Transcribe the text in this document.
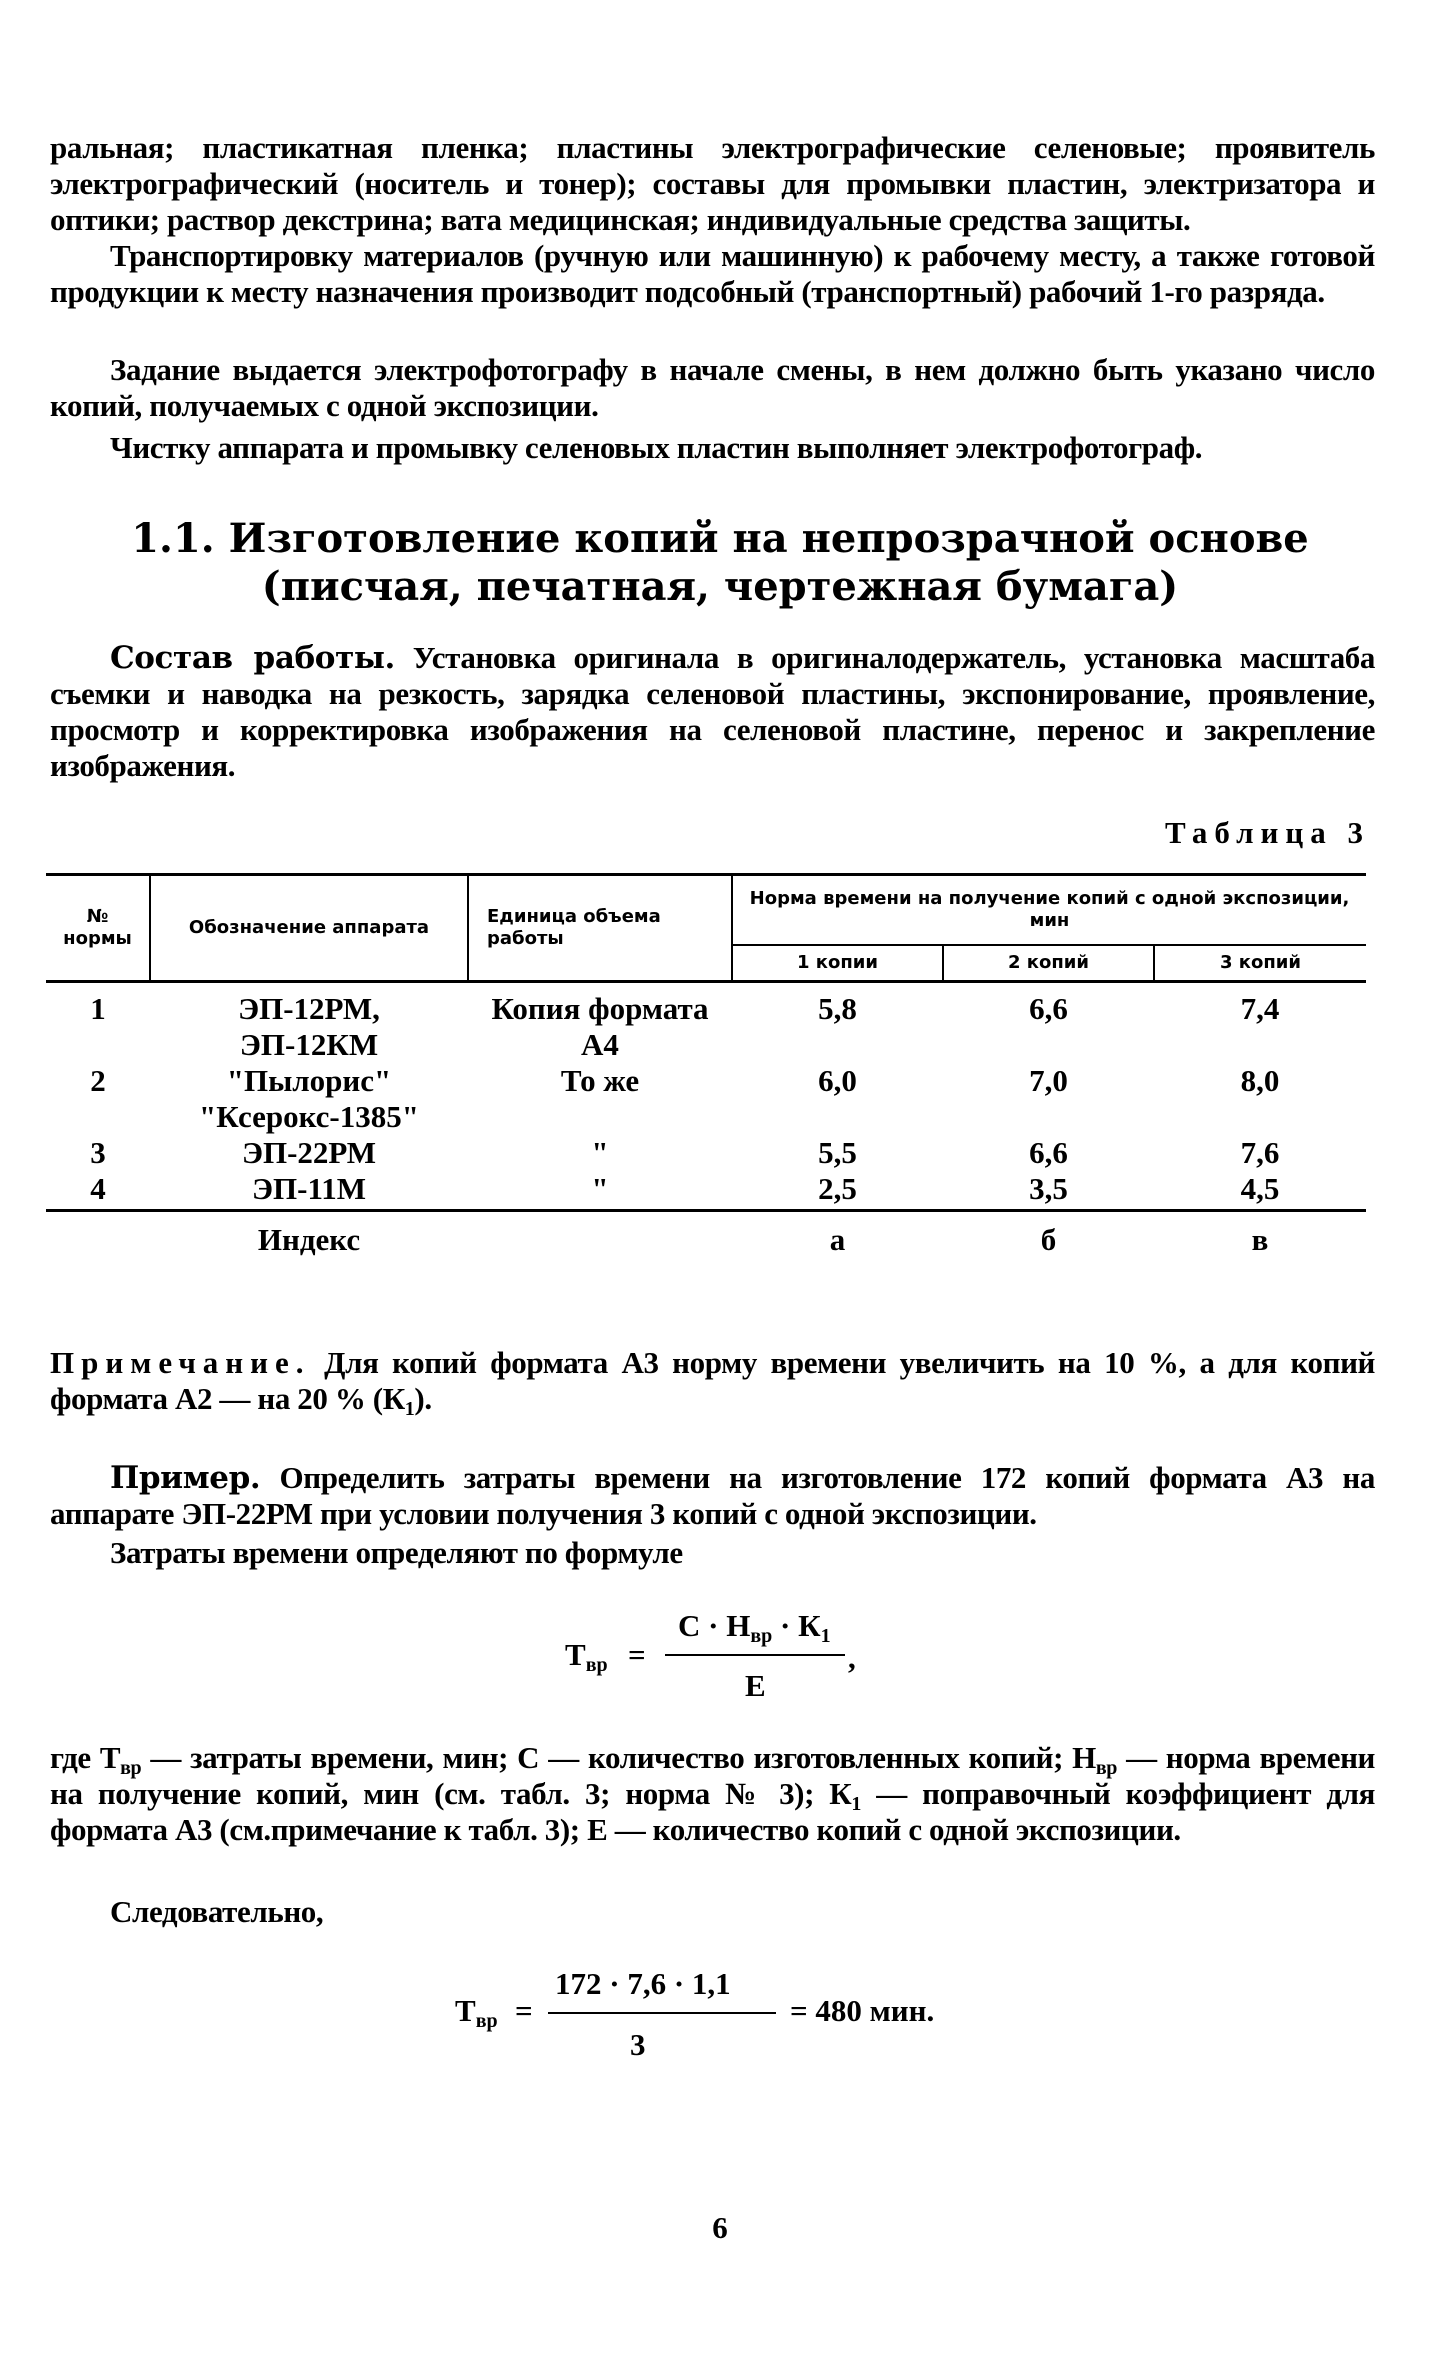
ральная; пластикатная пленка; пластины электрографические селеновые; проявитель электрографический (носитель и тонер); составы для промывки пластин, электризатора и оптики; раствор декстрина; вата медицинская; индивидуальные средства защиты.
Транспортировку материалов (ручную или машинную) к рабочему месту, а также готовой продукции к месту назначения производит подсобный (транспортный) рабочий 1-го разряда.
Задание выдается электрофотографу в начале смены, в нем должно быть указано число копий, получаемых с одной экспозиции.
Чистку аппарата и промывку селеновых пластин выполняет электрофотограф.
1.1. Изготовление копий на непрозрачной основе
(писчая, печатная, чертежная бумага)
Состав работы. Установка оригинала в оригиналодержатель, установка масштаба съемки и наводка на резкость, зарядка селеновой пластины, экспонирование, проявление, просмотр и корректировка изображения на селеновой пластине, перенос и закрепление изображения.
Таблица 3
№ нормы	Обозначение аппарата	Единица объема работы	Норма времени на получение копий с одной экспозиции, мин		
			1 копии	2 копий	3 копий
1	ЭП-12РМ,	Копия формата	5,8	6,6	7,4
	ЭП-12КМ	А4			
2	"Пылорис"	То же	6,0	7,0	8,0
	"Ксерокс-1385"				
3	ЭП-22РМ	"	5,5	6,6	7,6
4	ЭП-11М	"	2,5	3,5	4,5
	Индекс		а	б	в
Примечание. Для копий формата А3 норму времени увеличить на 10 %, а для копий формата А2 — на 20 % $(К_1)$.
Пример. Определить затраты времени на изготовление 172 копий формата А3 на аппарате ЭП-22РМ при условии получения 3 копий с одной экспозиции.
Затраты времени определяют по формуле
$Т_{вр}$ =
$С \cdot Н_{вр} \cdot К_1$
Е
,
где $Т_{вр}$ — затраты времени, мин; С — количество изготовленных копий; $Н_{вр}$ — норма времени на получение копий, мин (см. табл. 3; норма № 3); $К_1$ — поправочный коэффициент для формата А3 (см.примечание к табл. 3); Е — количество копий с одной экспозиции.
Следовательно,
$Т_{вр}$ =
172 · 7,6 · 1,1
3
= 480 мин.
6
